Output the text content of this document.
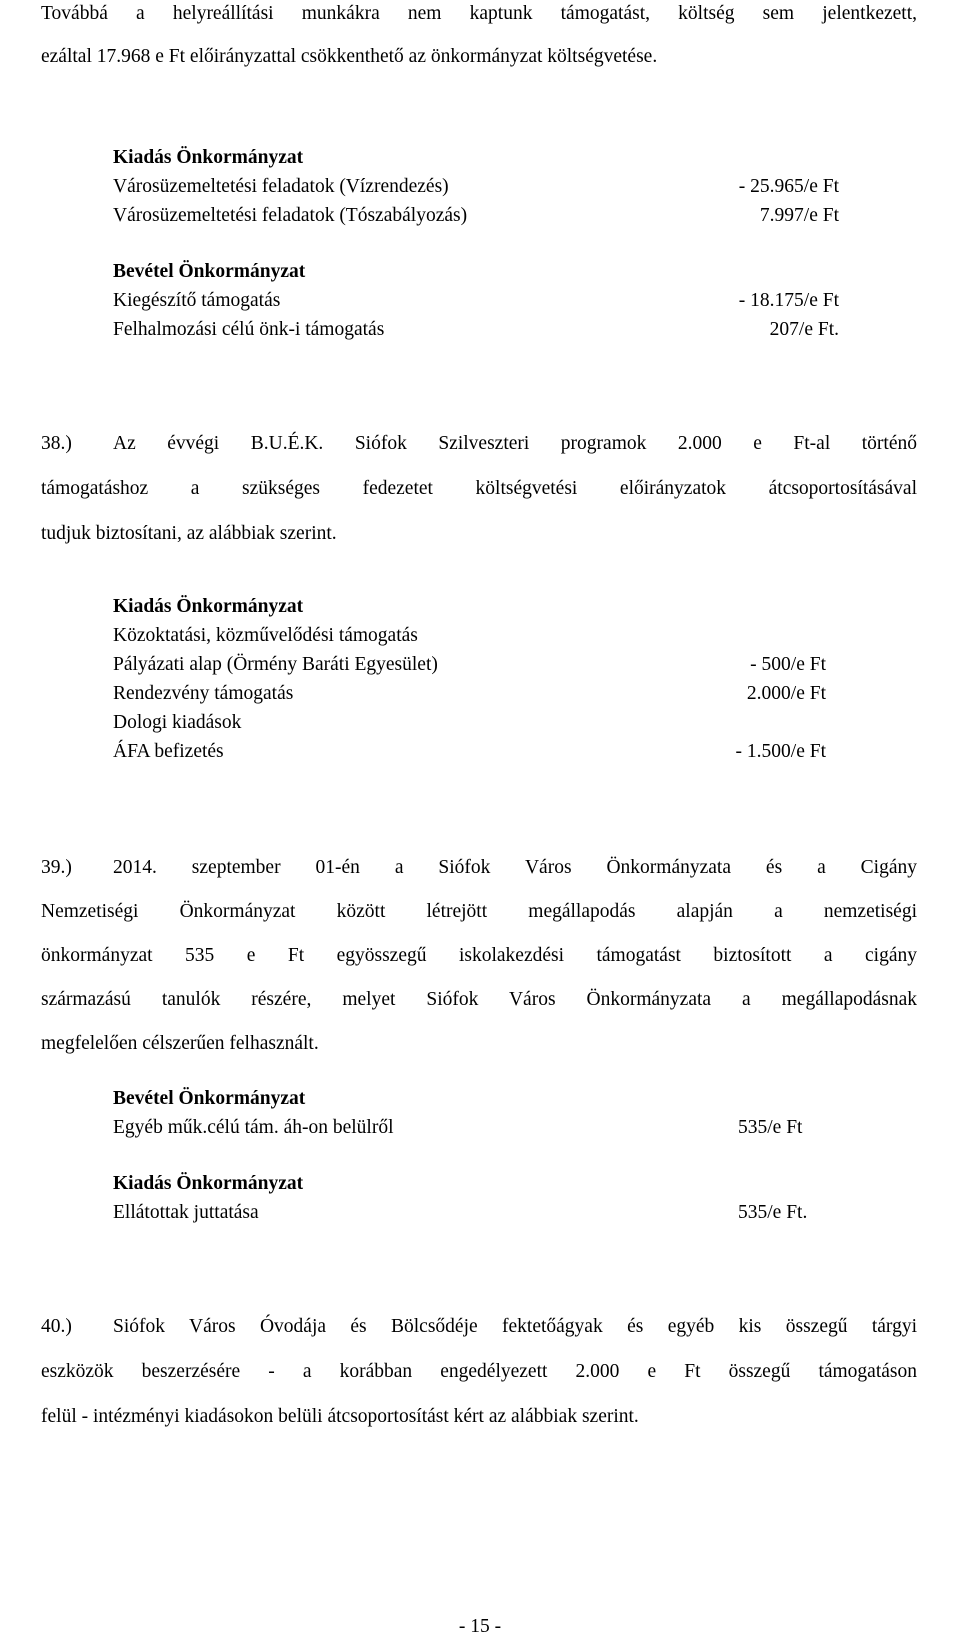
Továbbá a helyreállítási munkákra nem kaptunk támogatást, költség sem jelentkezett,
ezáltal 17.968 e Ft előirányzattal csökkenthető az önkormányzat költségvetése.
Kiadás Önkormányzat
Városüzemeltetési feladatok (Vízrendezés)	- 25.965/e Ft
Városüzemeltetési feladatok (Tószabályozás)	7.997/e Ft
Bevétel Önkormányzat
Kiegészítő támogatás	- 18.175/e Ft
Felhalmozási célú önk-i támogatás	207/e Ft.
38.) Az évvégi B.U.É.K. Siófok Szilveszteri programok 2.000 e Ft-al történő
támogatáshoz a szükséges fedezetet költségvetési előirányzatok átcsoportosításával
tudjuk biztosítani, az alábbiak szerint.
Kiadás Önkormányzat
Közoktatási, közművelődési támogatás
Pályázati alap (Örmény Baráti Egyesület)	- 500/e Ft
Rendezvény támogatás	2.000/e Ft
Dologi kiadások
ÁFA befizetés	- 1.500/e Ft
39.) 2014. szeptember 01-én a Siófok Város Önkormányzata és a Cigány
Nemzetiségi Önkormányzat között létrejött megállapodás alapján a nemzetiségi
önkormányzat 535 e Ft egyösszegű iskolakezdési támogatást biztosított a cigány
származású tanulók részére, melyet Siófok Város Önkormányzata a megállapodásnak
megfelelően célszerűen felhasznált.
Bevétel Önkormányzat
Egyéb műk.célú tám. áh-on belülről	535/e Ft
Kiadás Önkormányzat
Ellátottak juttatása	535/e Ft.
40.) Siófok Város Óvodája és Bölcsődéje fektetőágyak és egyéb kis összegű tárgyi
eszközök beszerzésére - a korábban engedélyezett 2.000 e Ft összegű támogatáson
felül - intézményi kiadásokon belüli átcsoportosítást kért az alábbiak szerint.
- 15 -
